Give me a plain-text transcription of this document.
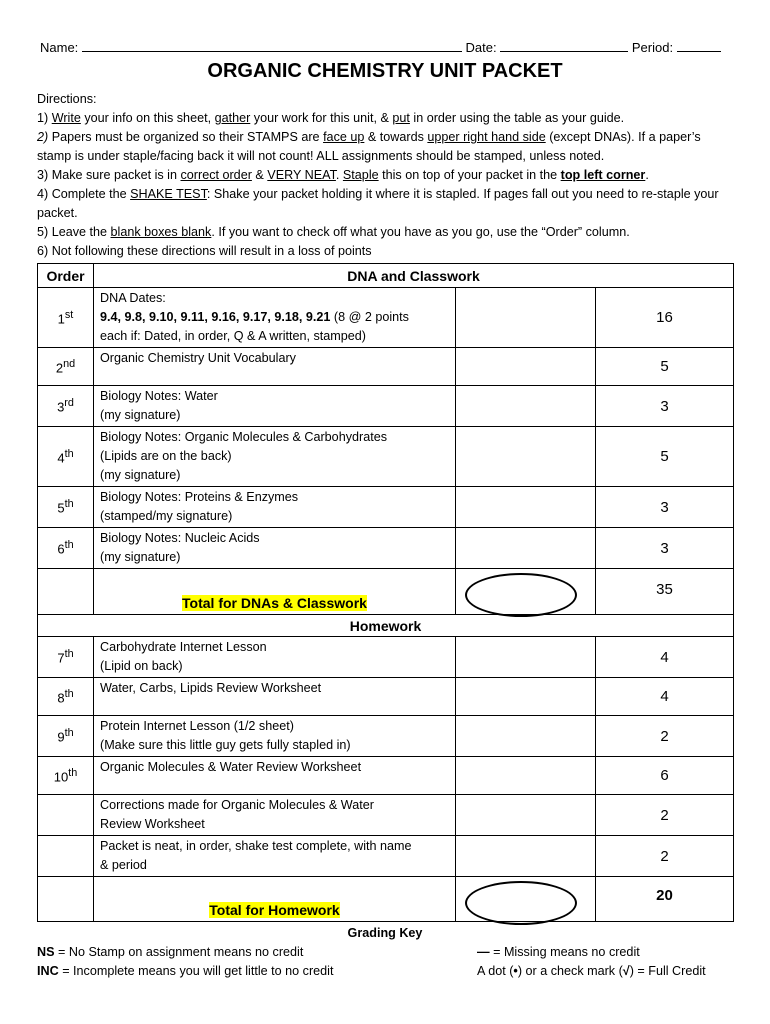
Name:	Date:	Period:
ORGANIC CHEMISTRY UNIT PACKET

Directions:

1) Write your info on this sheet, gather your work for this unit, & put in order using the table as your guide.

2) Papers must be organized so their STAMPS are face up & towards upper right hand side (except DNAs). If a paper’s stamp is under staple/facing back it will not count! ALL assignments should be stamped, unless noted.

3) Make sure packet is in correct order & VERY NEAT. Staple this on top of your packet in the top left corner.

4) Complete the SHAKE TEST: Shake your packet holding it where it is stapled. If pages fall out you need to re-staple your packet.

5) Leave the blank boxes blank. If you want to check off what you have as you go, use the “Order” column.

6) Not following these directions will result in a loss of points

Order	DNA and Classwork		
1st	DNA Dates:
9.4, 9.8, 9.10, 9.11, 9.16, 9.17, 9.18, 9.21 (8 @ 2 points
each if: Dated, in order, Q & A written, stamped)		16
2nd	Organic Chemistry Unit Vocabulary		5
3rd	Biology Notes: Water
(my signature)		3
4th	Biology Notes: Organic Molecules & Carbohydrates
(Lipids are on the back)
(my signature)		5
5th	Biology Notes: Proteins & Enzymes
(stamped/my signature)		3
6th	Biology Notes: Nucleic Acids
(my signature)		3
	Total for DNAs & Classwork		35
Homework			
7th	Carbohydrate Internet Lesson
(Lipid on back)		4
8th	Water, Carbs, Lipids Review Worksheet		4
9th	Protein Internet Lesson (1/2 sheet)
(Make sure this little guy gets fully stapled in)		2
10th	Organic Molecules & Water Review Worksheet		6

	Corrections made for Organic Molecules & Water
Review Worksheet		2

	Packet is neat, in order, shake test complete, with name
& period		2
	Total for Homework		20
Grading Key
NS = No Stamp on assignment means no credit	— = Missing means no credit
INC = Incomplete means you will get little to no credit	A dot (•) or a check mark (√) = Full Credit
